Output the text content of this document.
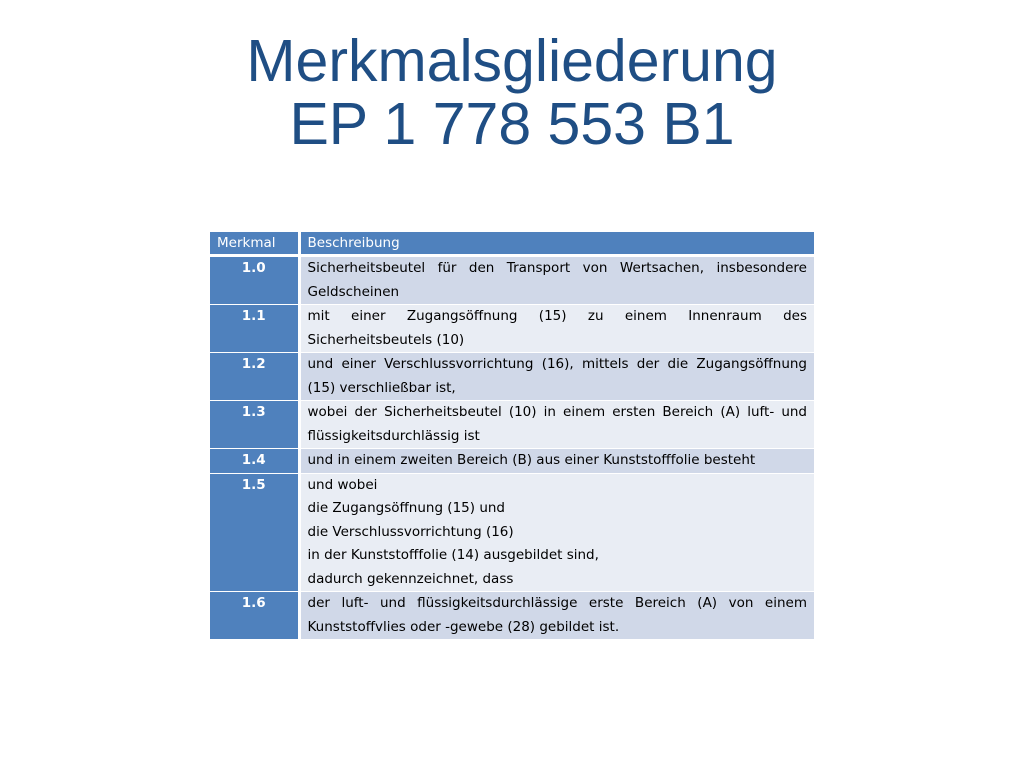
Merkmalsgliederung
EP 1 778 553 B1
Merkmal	Beschreibung
1.0	Sicherheitsbeutel für den Transport von Wertsachen, insbesondere Geldscheinen
1.1	mit einer Zugangsöffnung (15) zu einem Innenraum des Sicherheitsbeutels (10)
1.2	und einer Verschlussvorrichtung (16), mittels der die Zugangsöffnung (15) verschließbar ist,
1.3	wobei der Sicherheitsbeutel (10) in einem ersten Bereich (A) luft- und flüssigkeitsdurchlässig ist
1.4	und in einem zweiten Bereich (B) aus einer Kunststofffolie besteht
1.5	und wobei
die Zugangsöffnung (15) und
die Verschlussvorrichtung (16)
in der Kunststofffolie (14) ausgebildet sind,
dadurch gekennzeichnet, dass

1.6	der luft- und flüssigkeitsdurchlässige erste Bereich (A) von einem Kunststoffvlies oder -gewebe (28) gebildet ist.
